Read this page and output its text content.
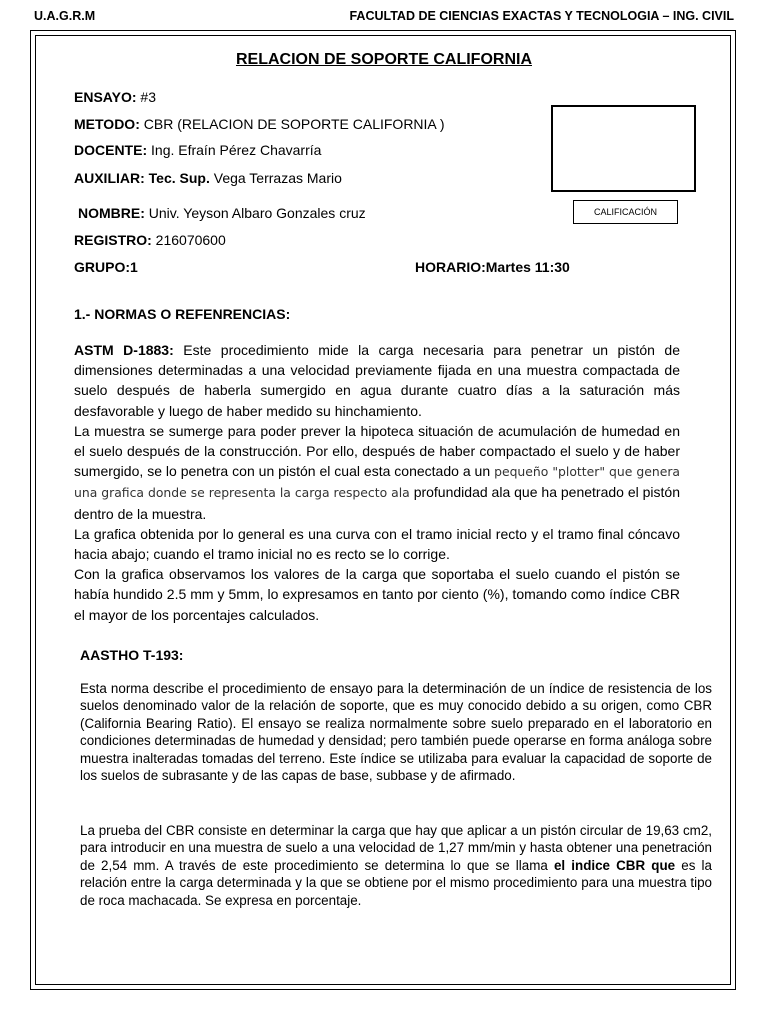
U.A.G.R.M	FACULTAD DE CIENCIAS EXACTAS Y TECNOLOGIA – ING. CIVIL
RELACION DE SOPORTE CALIFORNIA
ENSAYO: #3
METODO: CBR (RELACION DE SOPORTE CALIFORNIA )
DOCENTE: Ing. Efraín Pérez Chavarría
AUXILIAR: Tec. Sup. Vega Terrazas Mario
CALIFICACIÓN
NOMBRE: Univ. Yeyson Albaro Gonzales cruz
REGISTRO: 216070600
GRUPO:1	HORARIO:Martes 11:30
1.- NORMAS O REFENRENCIAS:

ASTM D-1883: Este procedimiento mide la carga necesaria para penetrar un pistón de dimensiones determinadas a una velocidad previamente fijada en una muestra compactada de suelo después de haberla sumergido en agua durante cuatro días a la saturación más desfavorable y luego de haber medido su hinchamiento.

La muestra se sumerge para poder prever la hipoteca situación de acumulación de humedad en el suelo después de la construcción. Por ello, después de haber compactado el suelo y de haber sumergido, se lo penetra con un pistón el cual esta conectado a un pequeño "plotter" que genera una grafica donde se representa la carga respecto ala profundidad ala que ha penetrado el pistón dentro de la muestra.

La grafica obtenida por lo general es una curva con el tramo inicial recto y el tramo final cóncavo hacia abajo; cuando el tramo inicial no es recto se lo corrige.

Con la grafica observamos los valores de la carga que soportaba el suelo cuando el pistón se había hundido 2.5 mm y 5mm, lo expresamos en tanto por ciento (%), tomando como índice CBR el mayor de los porcentajes calculados.

AASTHO T-193:

Esta norma describe el procedimiento de ensayo para la determinación de un índice de resistencia de los suelos denominado valor de la relación de soporte, que es muy conocido debido a su origen, como CBR (California Bearing Ratio). El ensayo se realiza normalmente sobre suelo preparado en el laboratorio en condiciones determinadas de humedad y densidad; pero también puede operarse en forma análoga sobre muestra inalteradas tomadas del terreno. Este índice se utilizaba para evaluar la capacidad de soporte de los suelos de subrasante y de las capas de base, subbase y de afirmado.

La prueba del CBR consiste en determinar la carga que hay que aplicar a un pistón circular de 19,63 cm2, para introducir en una muestra de suelo a una velocidad de 1,27 mm/min y hasta obtener una penetración de 2,54 mm. A través de este procedimiento se determina lo que se llama el indice CBR que es la relación entre la carga determinada y la que se obtiene por el mismo procedimiento para una muestra tipo de roca machacada. Se expresa en porcentaje.
